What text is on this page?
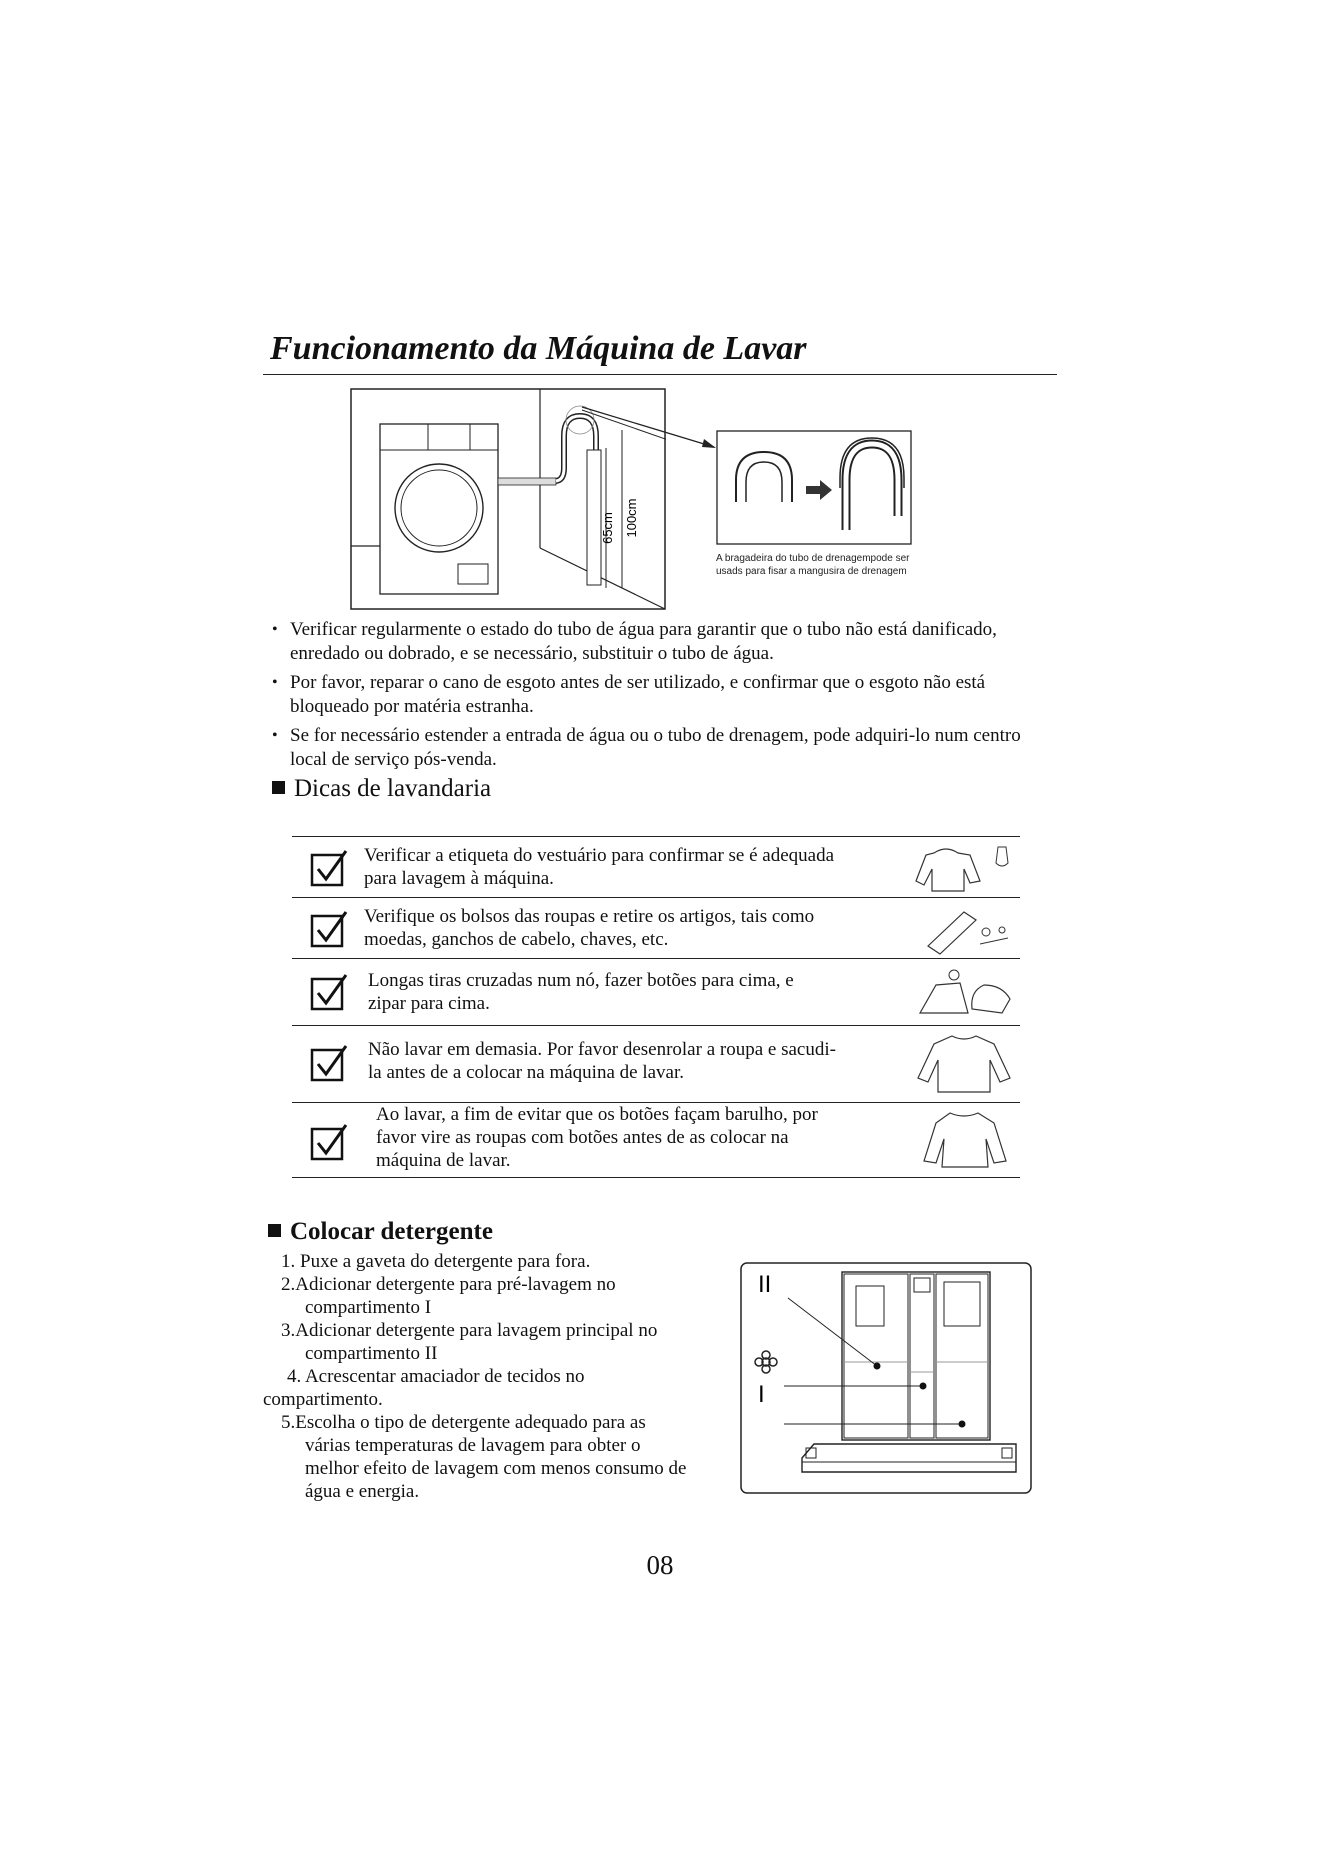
Funcionamento da Máquina de Lavar
65cm 100cm
A bragadeira do tubo de drenagempode ser
usads para fisar a mangusira de drenagem
• Verificar regularmente o estado do tubo de água para garantir que o tubo não está danificado, enredado ou dobrado, e se necessário, substituir o tubo de água.
• Por favor, reparar o cano de esgoto antes de ser utilizado, e confirmar que o esgoto não está bloqueado por matéria estranha.
• Se for necessário estender a entrada de água ou o tubo de drenagem, pode adquiri-lo num centro local de serviço pós-venda.
Dicas de lavandaria
Verificar a etiqueta do vestuário para confirmar se é adequada
para lavagem à máquina.
Verifique os bolsos das roupas e retire os artigos, tais como
moedas, ganchos de cabelo, chaves, etc.
Longas tiras cruzadas num nó, fazer botões para cima, e
zipar para cima.
Não lavar em demasia. Por favor desenrolar a roupa e sacudi-
la antes de a colocar na máquina de lavar.
Ao lavar, a fim de evitar que os botões façam barulho, por
favor vire as roupas com botões antes de as colocar na
máquina de lavar.
Colocar detergente
1. Puxe a gaveta do detergente para fora.
2.Adicionar detergente para pré-lavagem no
compartimento I
3.Adicionar detergente para lavagem principal no
compartimento II
4. Acrescentar amaciador de tecidos no
compartimento.
5.Escolha o tipo de detergente adequado para as
várias temperaturas de lavagem para obter o
melhor efeito de lavagem com menos consumo de
água e energia.
II
I
08
